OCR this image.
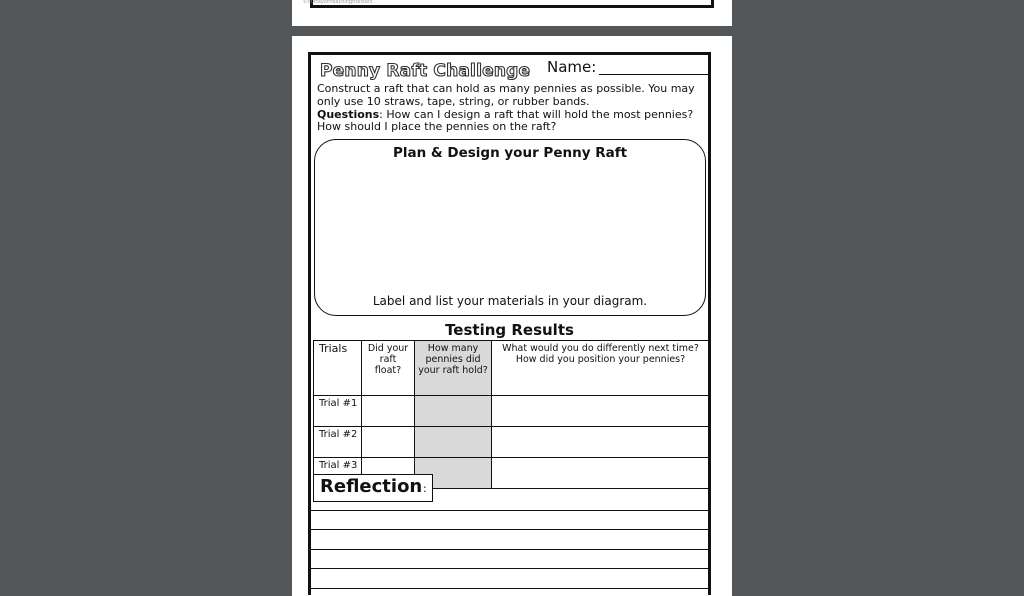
©cuttaylorteachingthestars
Penny Raft Challenge Name:

Construct a raft that can hold as many pennies as possible. You may only use 10 straws, tape, string, or rubber bands.
Questions: How can I design a raft that will hold the most pennies? How should I place the pennies on the raft?

Plan & Design your Penny Raft
Label and list your materials in your diagram.
Testing Results
Trials	Did your raft float?	How many pennies did your raft hold?	What would you do differently next time? How did you position your pennies?
Trial #1			
Trial #2			
Trial #3			
Reflection :
